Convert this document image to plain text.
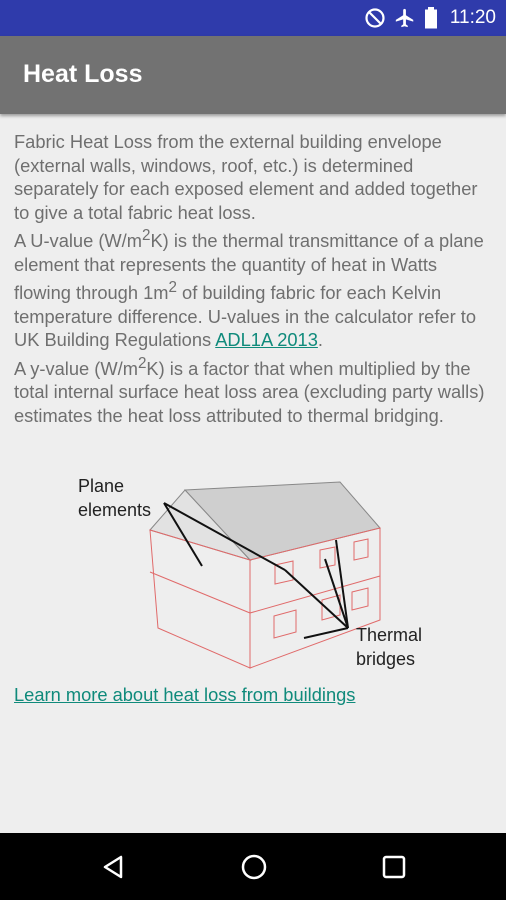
11:20
Heat Loss

Fabric Heat Loss from the external building envelope (external walls, windows, roof, etc.) is determined separately for each exposed element and added together to give a total fabric heat loss.

A U-value $(W/m^2K)$ is the thermal transmittance of a plane element that represents the quantity of heat in Watts flowing through $1m^2$ of building fabric for each Kelvin temperature difference. U-values in the calculator refer to UK Building Regulations ADL1A 2013.

A y-value $(W/m^2K)$ is a factor that when multiplied by the total internal surface heat loss area (excluding party walls) estimates the heat loss attributed to thermal bridging.

Plane
elements
Thermal
bridges
Learn more about heat loss from buildings
